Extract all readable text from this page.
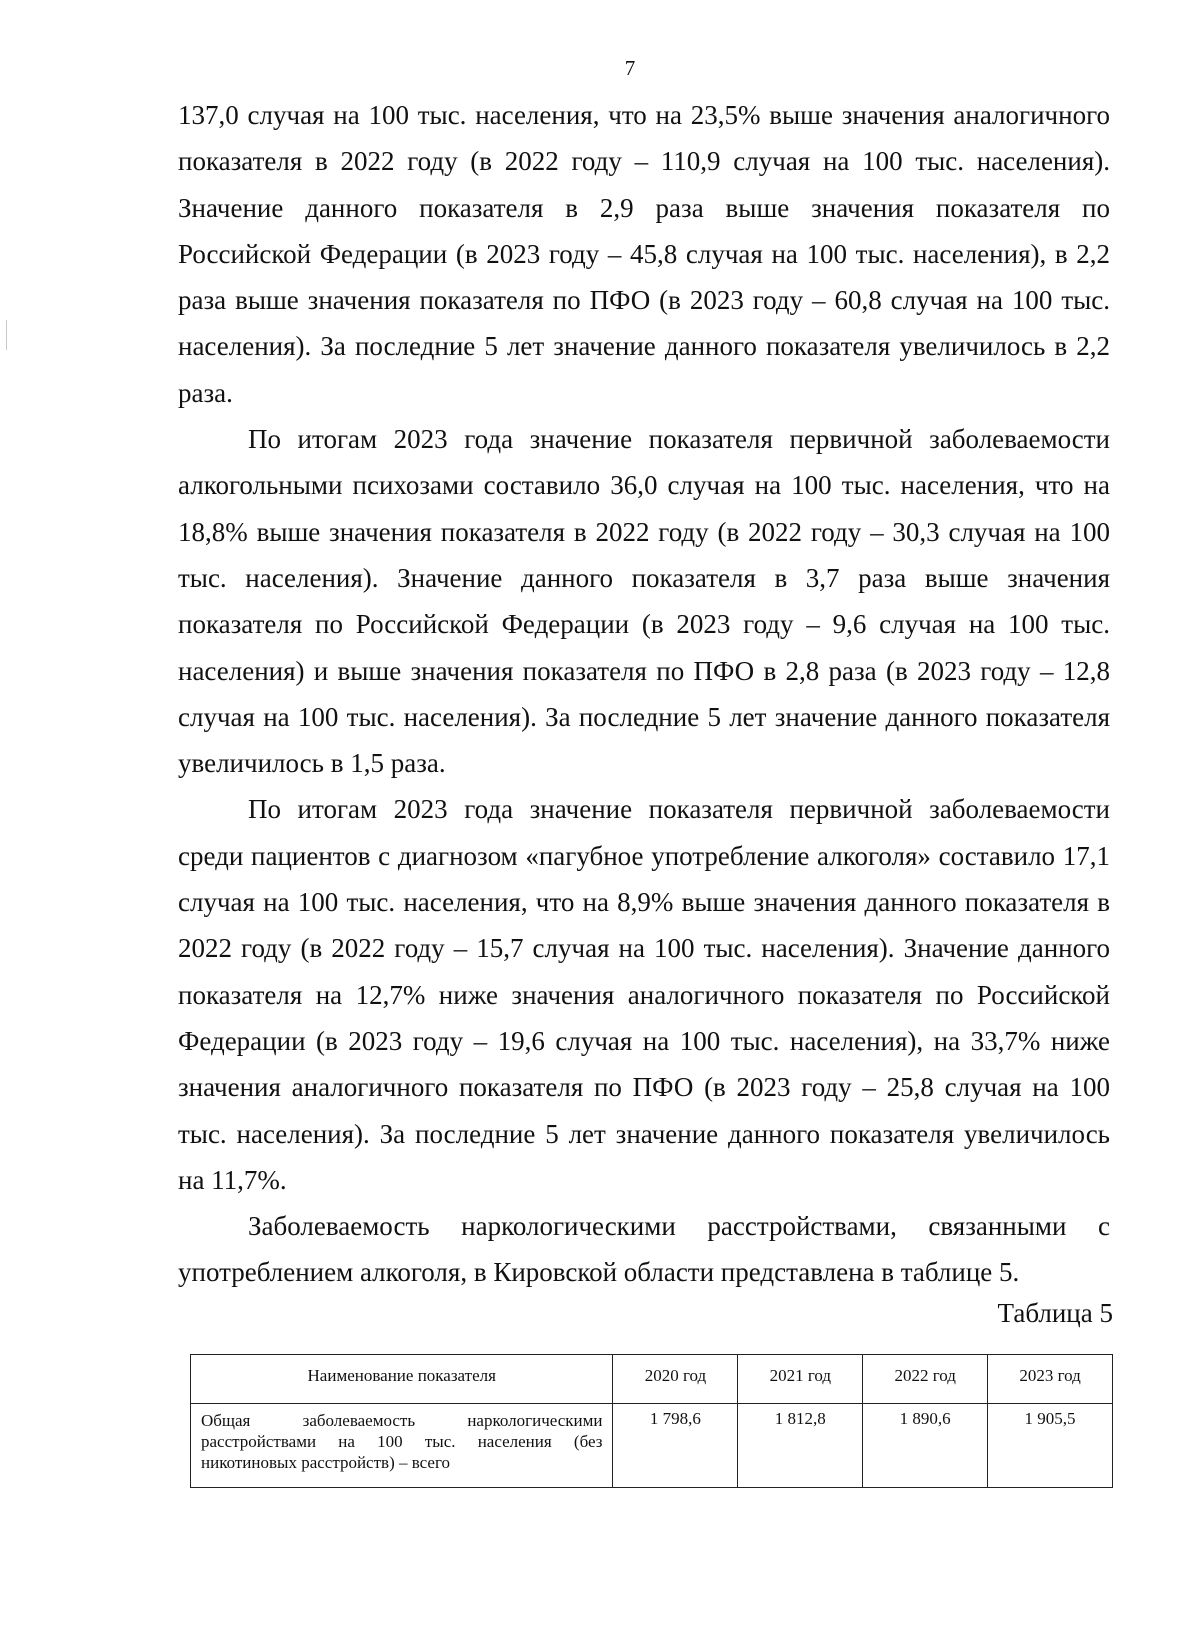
7

137,0 случая на 100 тыс. населения, что на 23,5% выше значения аналогичного показателя в 2022 году (в 2022 году – 110,9 случая на 100 тыс. населения). Значение данного показателя в 2,9 раза выше значения показателя по Российской Федерации (в 2023 году – 45,8 случая на 100 тыс. населения), в 2,2 раза выше значения показателя по ПФО (в 2023 году – 60,8 случая на 100 тыс. населения). За последние 5 лет значение данного показателя увеличилось в 2,2 раза.

По итогам 2023 года значение показателя первичной заболеваемости алкогольными психозами составило 36,0 случая на 100 тыс. населения, что на 18,8% выше значения показателя в 2022 году (в 2022 году – 30,3 случая на 100 тыс. населения). Значение данного показателя в 3,7 раза выше значения показателя по Российской Федерации (в 2023 году – 9,6 случая на 100 тыс. населения) и выше значения показателя по ПФО в 2,8 раза (в 2023 году – 12,8 случая на 100 тыс. населения). За последние 5 лет значение данного показателя увеличилось в 1,5 раза.

По итогам 2023 года значение показателя первичной заболеваемости среди пациентов с диагнозом «пагубное употребление алкоголя» составило 17,1 случая на 100 тыс. населения, что на 8,9% выше значения данного показателя в 2022 году (в 2022 году – 15,7 случая на 100 тыс. населения). Значение данного показателя на 12,7% ниже значения аналогичного показателя по Российской Федерации (в 2023 году – 19,6 случая на 100 тыс. населения), на 33,7% ниже значения аналогичного показателя по ПФО (в 2023 году – 25,8 случая на 100 тыс. населения). За последние 5 лет значение данного показателя увеличилось на 11,7%.

Заболеваемость наркологическими расстройствами, связанными с употреблением алкоголя, в Кировской области представлена в таблице 5.

Таблица 5
Наименование показателя	2020 год	2021 год	2022 год	2023 год
Общая заболеваемость наркологическими расстройствами на 100 тыс. населения (без никотиновых расстройств) – всего	1 798,6	1 812,8	1 890,6	1 905,5
